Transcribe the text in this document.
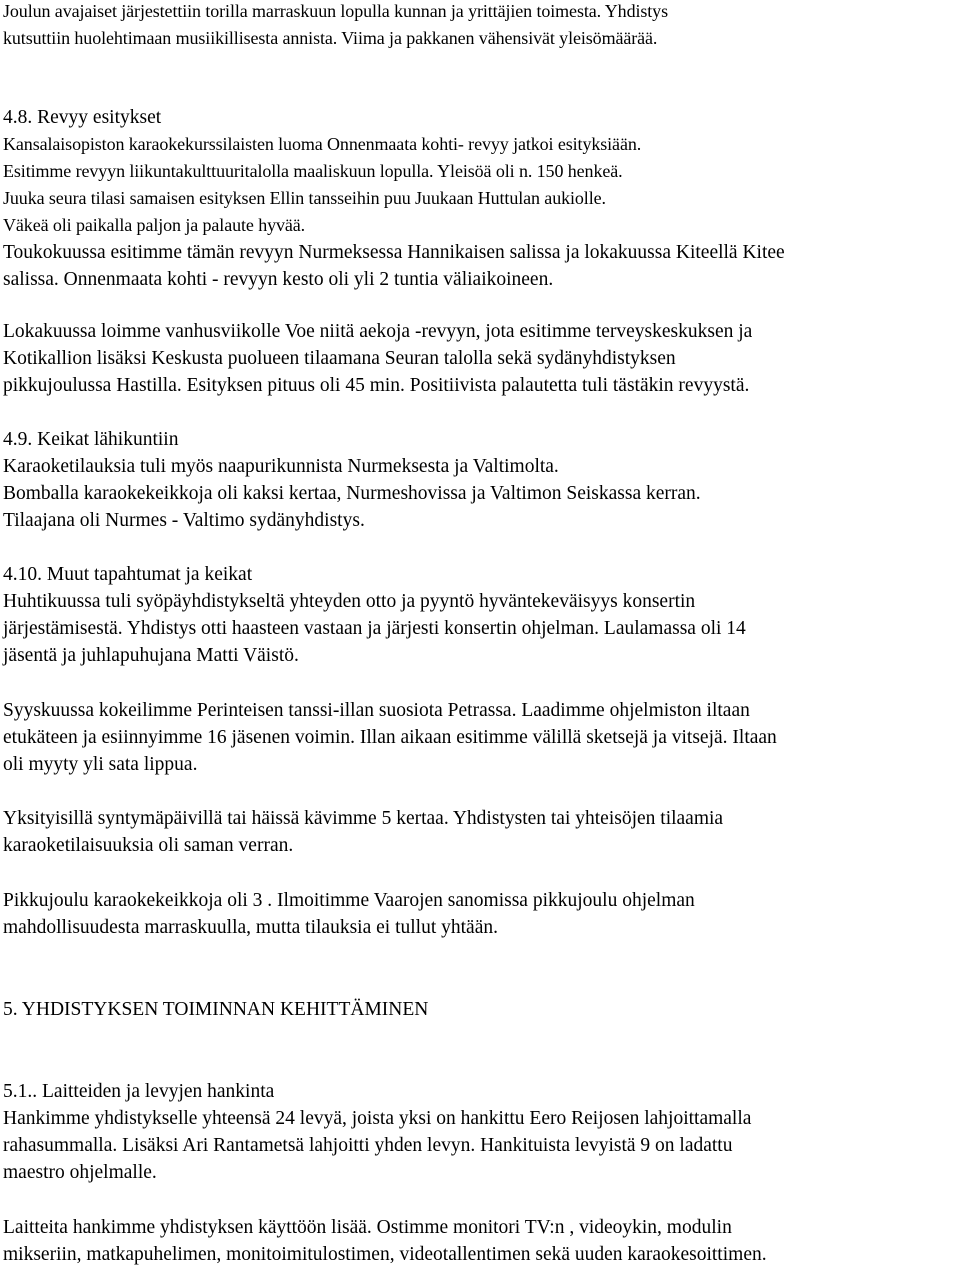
Joulun avajaiset järjestettiin torilla marraskuun lopulla kunnan ja yrittäjien toimesta. Yhdistys
kutsuttiin huolehtimaan musiikillisesta annista. Viima ja pakkanen vähensivät yleisömäärää.
4.8. Revyy esitykset
Kansalaisopiston karaokekurssilaisten luoma Onnenmaata kohti- revyy jatkoi esityksiään.
Esitimme revyyn liikuntakulttuuritalolla maaliskuun lopulla. Yleisöä oli n. 150 henkeä.
Juuka seura tilasi samaisen esityksen Ellin tansseihin puu Juukaan Huttulan aukiolle.
Väkeä oli paikalla paljon ja palaute hyvää.
Toukokuussa esitimme tämän revyyn Nurmeksessa Hannikaisen salissa ja lokakuussa Kiteellä Kitee
salissa. Onnenmaata kohti - revyyn kesto oli yli 2 tuntia väliaikoineen.
Lokakuussa loimme vanhusviikolle Voe niitä aekoja -revyyn, jota esitimme terveyskeskuksen ja
Kotikallion lisäksi Keskusta puolueen tilaamana Seuran talolla sekä sydänyhdistyksen
pikkujoulussa Hastilla. Esityksen pituus oli 45 min. Positiivista palautetta tuli tästäkin revyystä.
4.9. Keikat lähikuntiin
Karaoketilauksia tuli myös naapurikunnista Nurmeksesta ja Valtimolta.
Bomballa karaokekeikkoja oli kaksi kertaa, Nurmeshovissa ja Valtimon Seiskassa kerran.
Tilaajana oli Nurmes - Valtimo sydänyhdistys.
4.10. Muut tapahtumat ja keikat
Huhtikuussa tuli syöpäyhdistykseltä yhteyden otto ja pyyntö hyväntekeväisyys konsertin
järjestämisestä. Yhdistys otti haasteen vastaan ja järjesti konsertin ohjelman. Laulamassa oli 14
jäsentä ja juhlapuhujana Matti Väistö.
Syyskuussa kokeilimme Perinteisen tanssi-illan suosiota Petrassa. Laadimme ohjelmiston iltaan
etukäteen ja esiinnyimme 16 jäsenen voimin. Illan aikaan esitimme välillä sketsejä ja vitsejä. Iltaan
oli myyty yli sata lippua.
Yksityisillä syntymäpäivillä tai häissä kävimme 5 kertaa. Yhdistysten tai yhteisöjen tilaamia
karaoketilaisuuksia oli saman verran.
Pikkujoulu karaokekeikkoja oli 3 . Ilmoitimme Vaarojen sanomissa pikkujoulu ohjelman
mahdollisuudesta marraskuulla, mutta tilauksia ei tullut yhtään.
5. YHDISTYKSEN TOIMINNAN KEHITTÄMINEN
5.1.. Laitteiden ja levyjen hankinta
Hankimme yhdistykselle yhteensä 24 levyä, joista yksi on hankittu Eero Reijosen lahjoittamalla
rahasummalla. Lisäksi Ari Rantametsä lahjoitti yhden levyn. Hankituista levyistä 9 on ladattu
maestro ohjelmalle.
Laitteita hankimme yhdistyksen käyttöön lisää. Ostimme monitori TV:n , videoykin, modulin
mikseriin, matkapuhelimen, monitoimitulostimen, videotallentimen sekä uuden karaokesoittimen.
